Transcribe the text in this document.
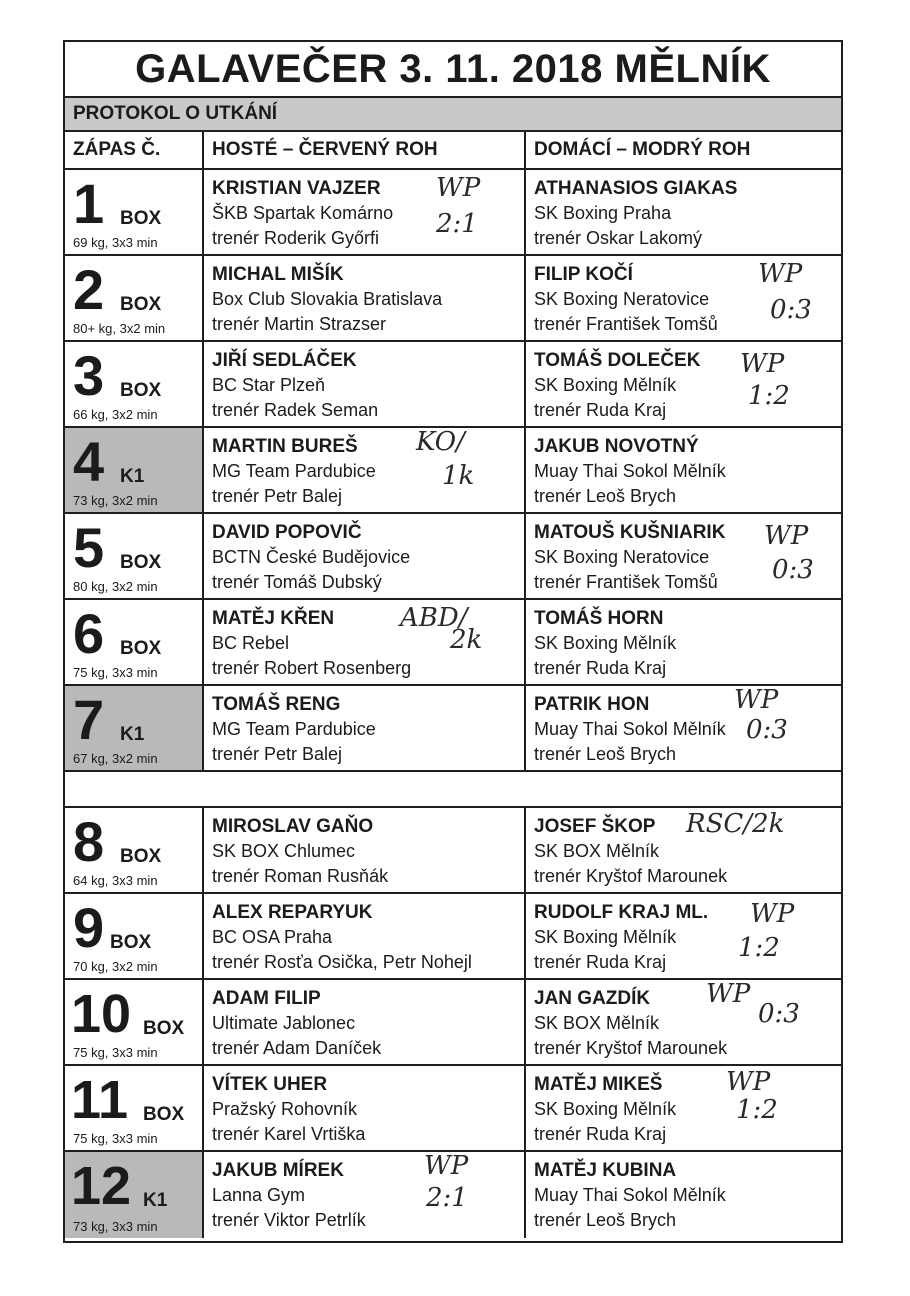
GALAVEČER 3. 11. 2018 MĚLNÍK
PROTOKOL O UTKÁNÍ
ZÁPAS Č.	HOSTÉ – ČERVENÝ ROH	DOMÁCÍ – MODRÝ ROH
1 BOX
69 kg, 3x3 min
KRISTIAN VAJZER
ŠKB Spartak Komárno
trenér Roderik Győrfi
WP
2:1
ATHANASIOS GIAKAS
SK Boxing Praha
trenér Oskar Lakomý
2 BOX
80+ kg, 3x2 min
MICHAL MIŠÍK
Box Club Slovakia Bratislava
trenér Martin Strazser
FILIP KOČÍ
SK Boxing Neratovice
trenér František Tomšů
WP
0:3
3 BOX
66 kg, 3x2 min
JIŘÍ SEDLÁČEK
BC Star Plzeň
trenér Radek Seman
TOMÁŠ DOLEČEK
SK Boxing Mělník
trenér Ruda Kraj
WP
1:2
4 K1
73 kg, 3x2 min
MARTIN BUREŠ
MG Team Pardubice
trenér Petr Balej
KO/
1k
JAKUB NOVOTNÝ
Muay Thai Sokol Mělník
trenér Leoš Brych
5 BOX
80 kg, 3x2 min
DAVID POPOVIČ
BCTN České Budějovice
trenér Tomáš Dubský
MATOUŠ KUŠNIARIK
SK Boxing Neratovice
trenér František Tomšů
WP
0:3
6 BOX
75 kg, 3x3 min
MATĚJ KŘEN
BC Rebel
trenér Robert Rosenberg
ABD/
2k
TOMÁŠ HORN
SK Boxing Mělník
trenér Ruda Kraj
7 K1
67 kg, 3x2 min
TOMÁŠ RENG
MG Team Pardubice
trenér Petr Balej
PATRIK HON
Muay Thai Sokol Mělník
trenér Leoš Brych
WP
0:3
8 BOX
64 kg, 3x3 min
MIROSLAV GAŇO
SK BOX Chlumec
trenér Roman Rusňák
JOSEF ŠKOP
SK BOX Mělník
trenér Kryštof Marounek
RSC/2k
9 BOX
70 kg, 3x2 min
ALEX REPARYUK
BC OSA Praha
trenér Rosťa Osička, Petr Nohejl
RUDOLF KRAJ ML.
SK Boxing Mělník
trenér Ruda Kraj
WP
1:2
10 BOX
75 kg, 3x3 min
ADAM FILIP
Ultimate Jablonec
trenér Adam Daníček
JAN GAZDÍK
SK BOX Mělník
trenér Kryštof Marounek
WP
0:3
11 BOX
75 kg, 3x3 min
VÍTEK UHER
Pražský Rohovník
trenér Karel Vrtiška
MATĚJ MIKEŠ
SK Boxing Mělník
trenér Ruda Kraj
WP
1:2
12 K1
73 kg, 3x3 min
JAKUB MÍREK
Lanna Gym
trenér Viktor Petrlík
WP
2:1
MATĚJ KUBINA
Muay Thai Sokol Mělník
trenér Leoš Brych
